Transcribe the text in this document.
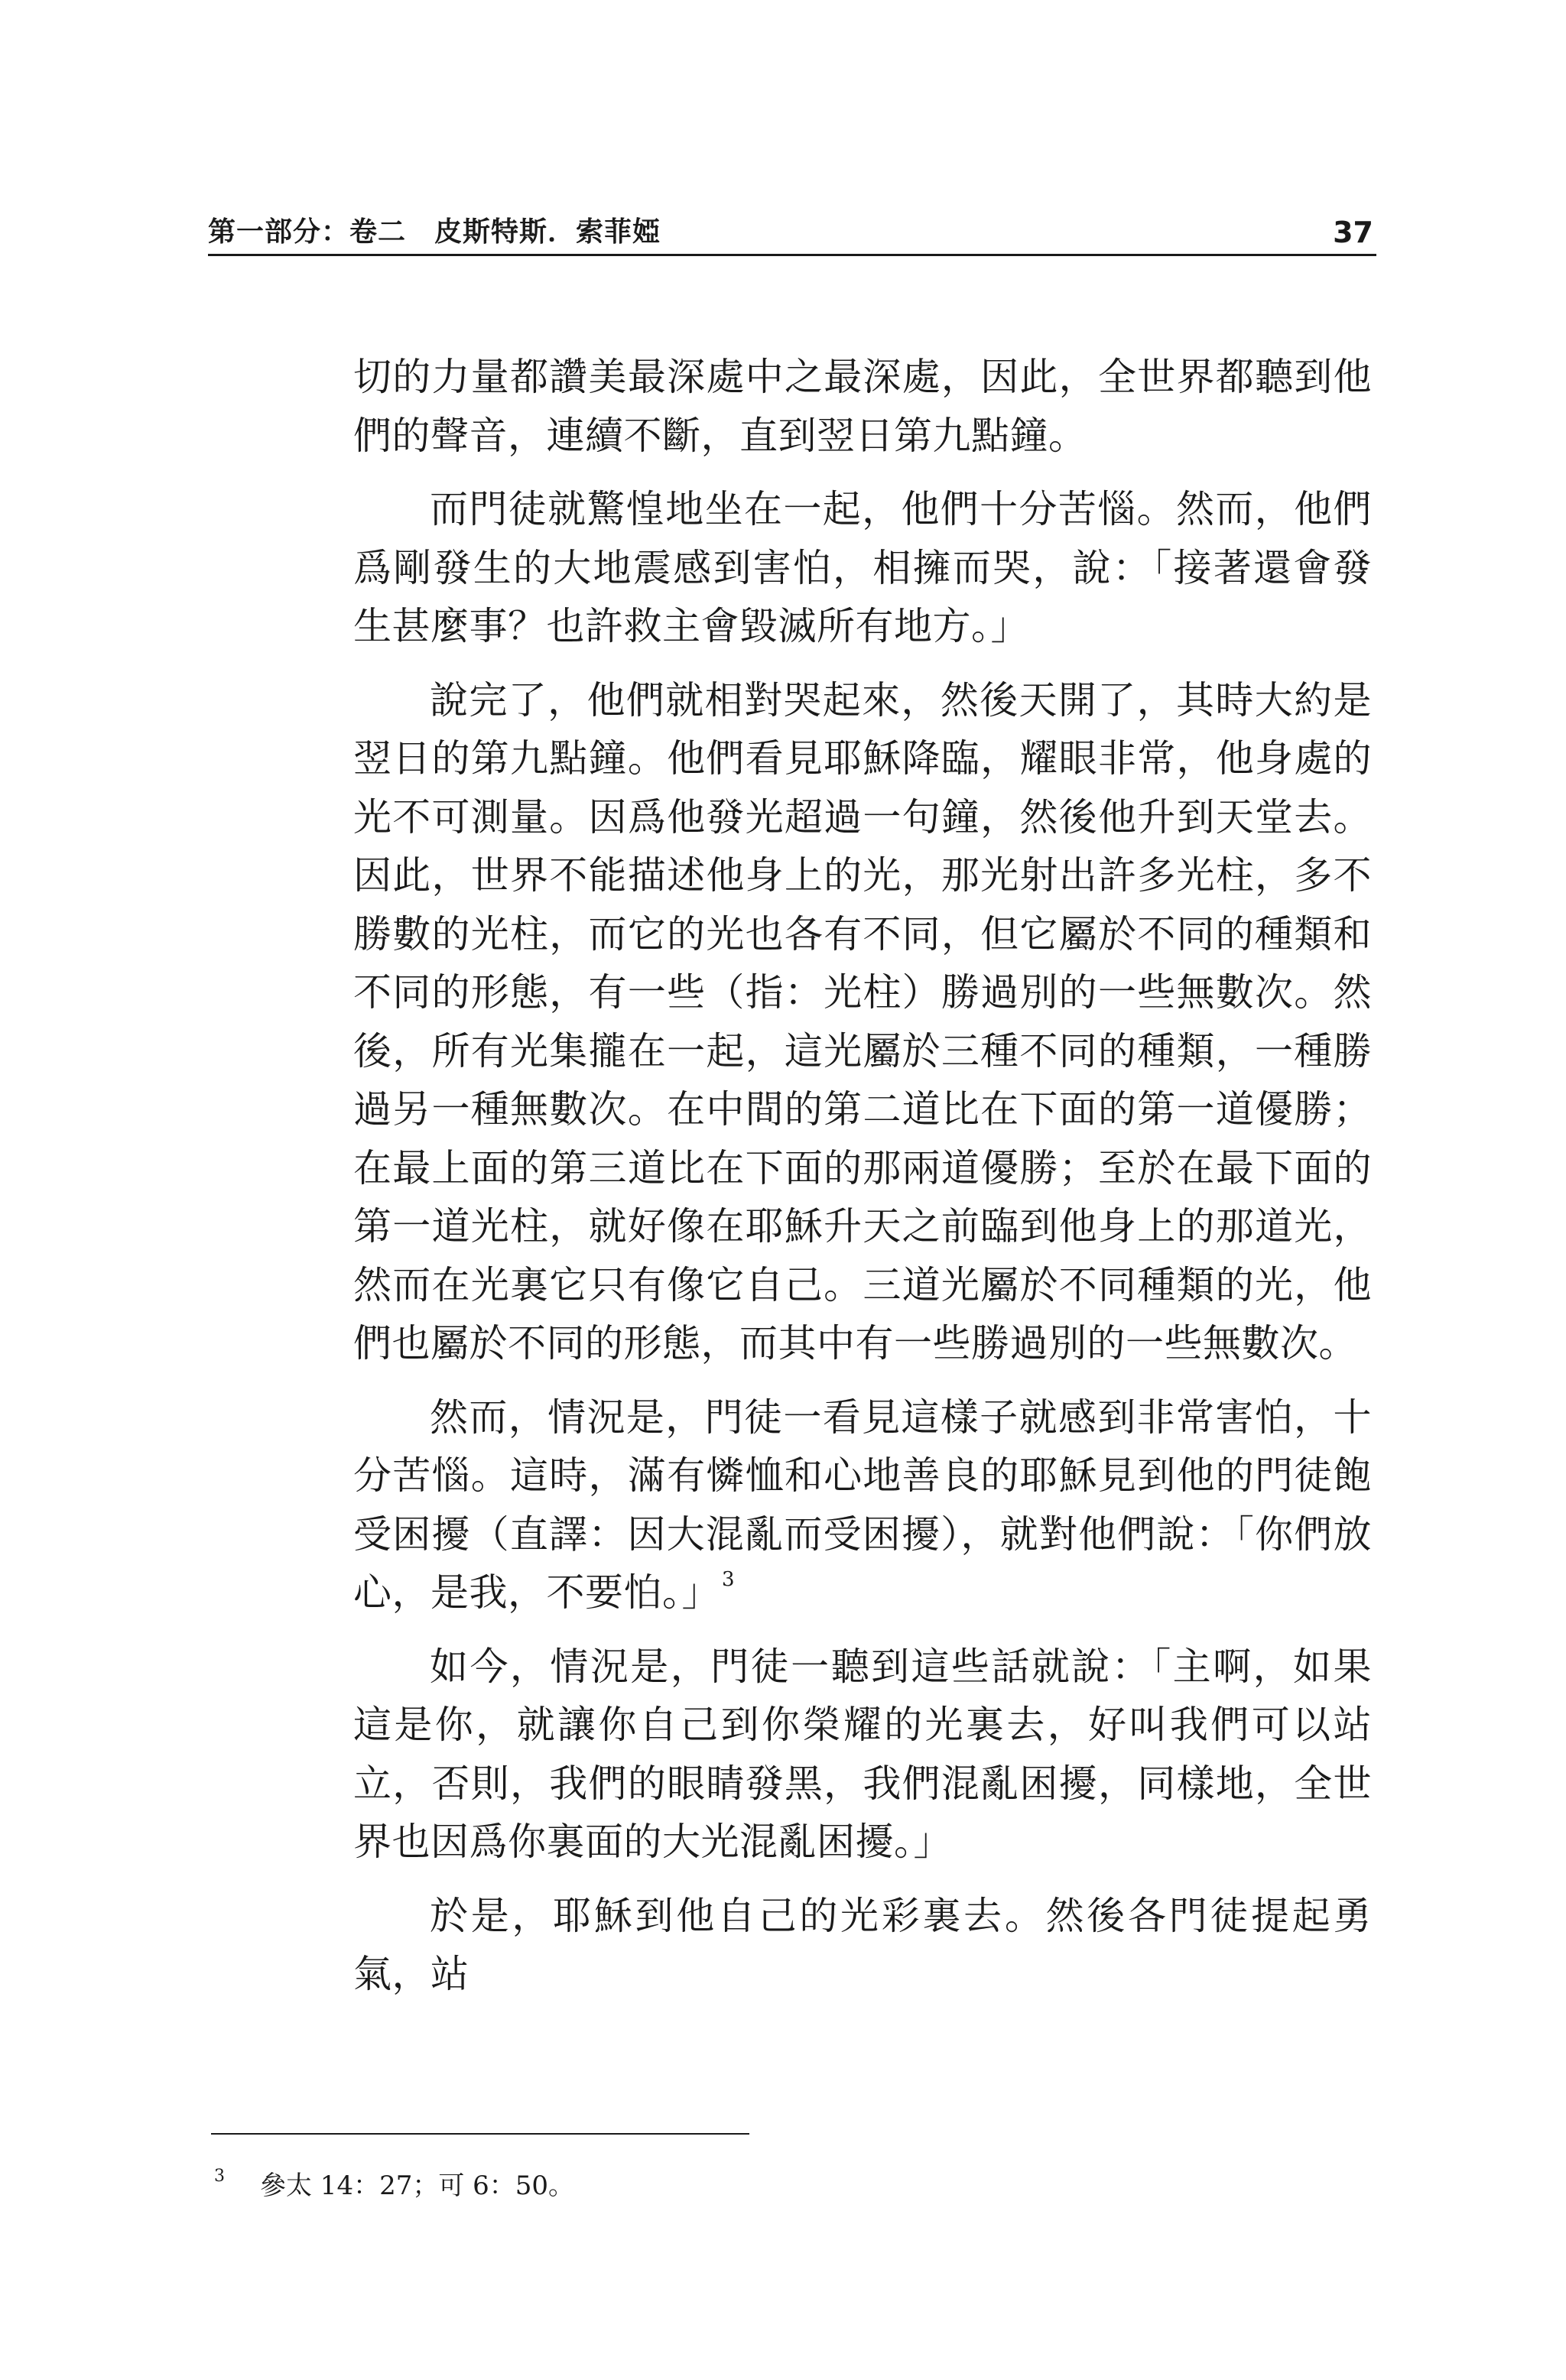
第一部分：卷二　皮斯特斯．索菲婭	37

切的力量都讚美最深處中之最深處，因此，全世界都聽到他們的聲音，連續不斷，直到翌日第九點鐘。

而門徒就驚惶地坐在一起，他們十分苦惱。然而，他們爲剛發生的大地震感到害怕，相擁而哭，說：「接著還會發生甚麼事？也許救主會毀滅所有地方。」

說完了，他們就相對哭起來，然後天開了，其時大約是翌日的第九點鐘。他們看見耶穌降臨，耀眼非常，他身處的光不可測量。因爲他發光超過一句鐘，然後他升到天堂去。因此，世界不能描述他身上的光，那光射出許多光柱，多不勝數的光柱，而它的光也各有不同，但它屬於不同的種類和不同的形態，有一些（指：光柱）勝過別的一些無數次。然後，所有光集攏在一起，這光屬於三種不同的種類，一種勝過另一種無數次。在中間的第二道比在下面的第一道優勝；在最上面的第三道比在下面的那兩道優勝；至於在最下面的第一道光柱，就好像在耶穌升天之前臨到他身上的那道光，然而在光裏它只有像它自己。三道光屬於不同種類的光，他們也屬於不同的形態，而其中有一些勝過別的一些無數次。

然而，情況是，門徒一看見這樣子就感到非常害怕，十分苦惱。這時，滿有憐恤和心地善良的耶穌見到他的門徒飽受困擾（直譯：因大混亂而受困擾），就對他們說：「你們放心，是我，不要怕。」$^3$

如今，情況是，門徒一聽到這些話就說：「主啊，如果這是你，就讓你自己到你榮耀的光裏去，好叫我們可以站立，否則，我們的眼睛發黑，我們混亂困擾，同樣地，全世界也因爲你裏面的大光混亂困擾。」

於是，耶穌到他自己的光彩裏去。然後各門徒提起勇氣，站

3 參太 14：27；可 6：50。
